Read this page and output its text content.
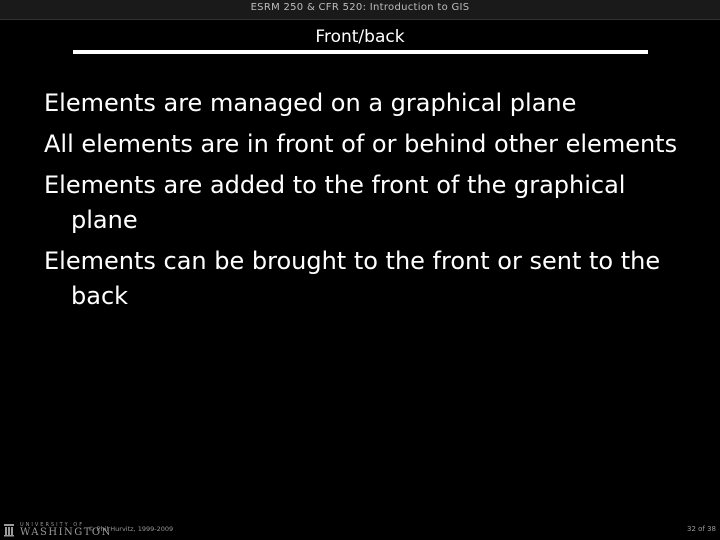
ESRM 250 & CFR 520: Introduction to GIS
Front/back
Elements are managed on a graphical plane
All elements are in front of or behind other elements
Elements are added to the front of the graphical plane
Elements can be brought to the front or sent to the back
UNIVERSITY OF
WASHINGTON
© Phil Hurvitz, 1999-2009	32 of 38
